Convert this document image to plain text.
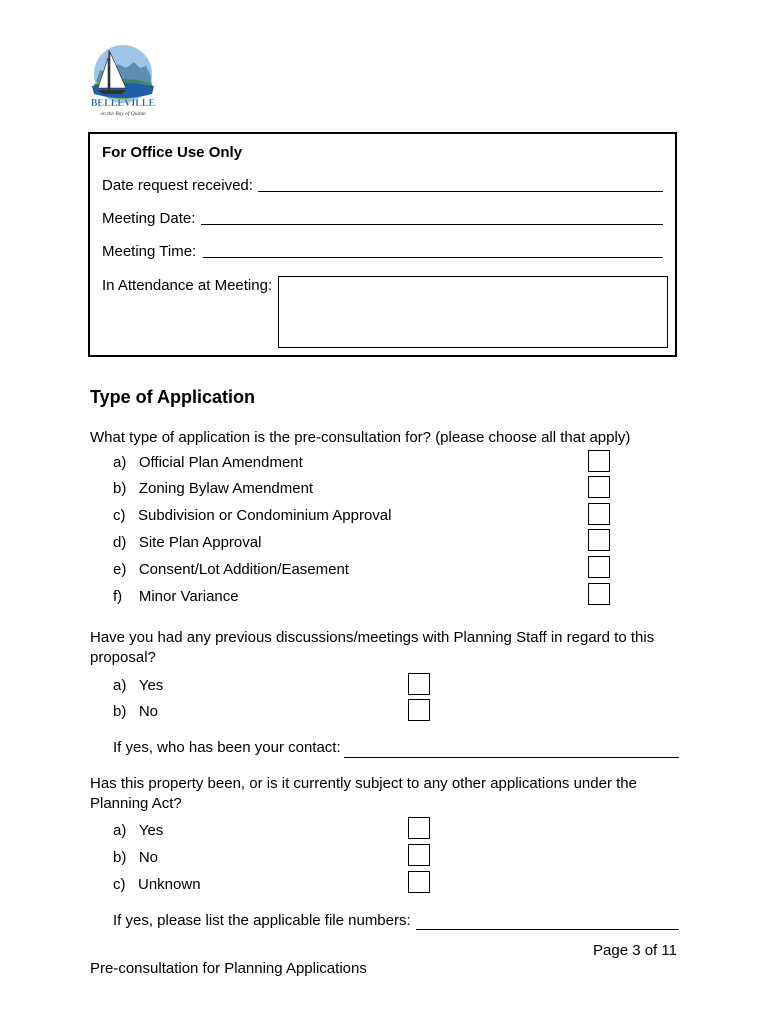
BELLEVILLE
on the Bay of Quinte
For Office Use Only
Date request received:
Meeting Date:
Meeting Time:
In Attendance at Meeting:
Type of Application
What type of application is the pre-consultation for? (please choose all that apply)
a)   Official Plan Amendment
b)   Zoning Bylaw Amendment
c)   Subdivision or Condominium Approval
d)   Site Plan Approval
e)   Consent/Lot Addition/Easement
f)    Minor Variance
Have you had any previous discussions/meetings with Planning Staff in regard to this proposal?
a)   Yes
b)   No
If yes, who has been your contact:
Has this property been, or is it currently subject to any other applications under the Planning Act?
a)   Yes
b)   No
c)   Unknown
If yes, please list the applicable file numbers:
Page 3 of 11
Pre-consultation for Planning Applications
